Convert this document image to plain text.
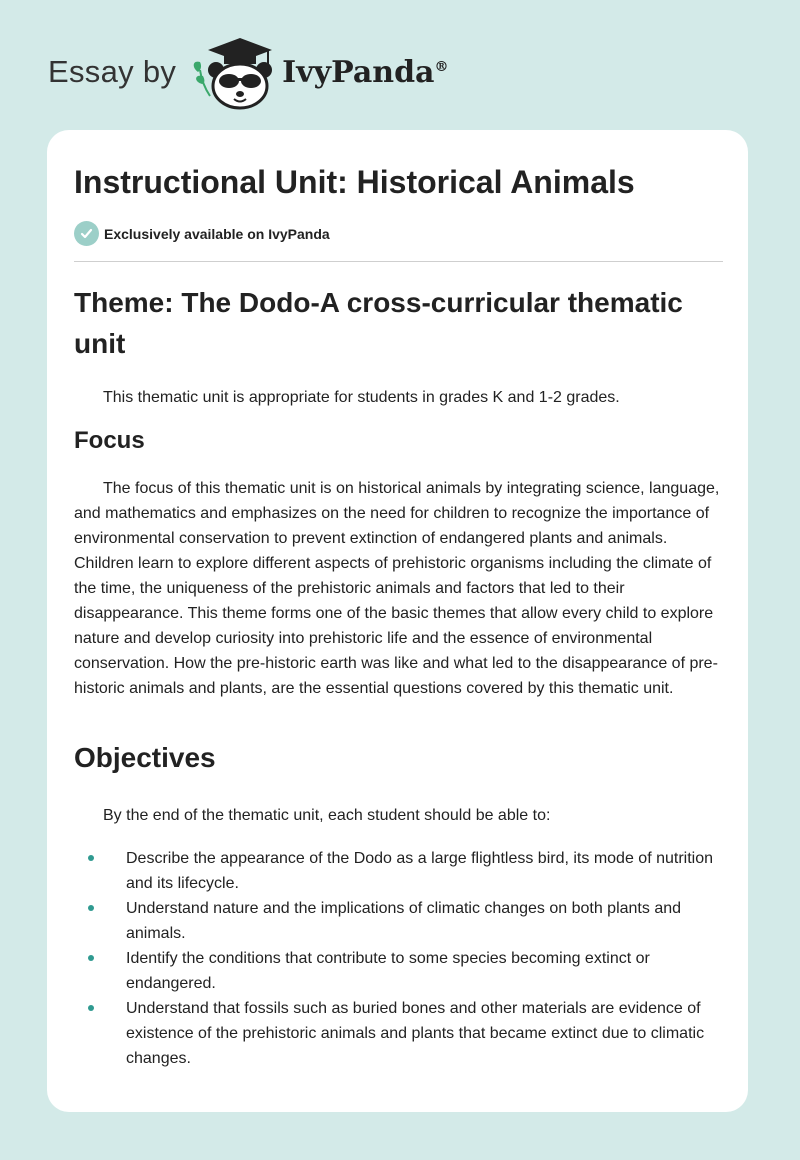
Essay by	IvyPanda®
Instructional Unit: Historical Animals
Exclusively available on IvyPanda
Theme: The Dodo-A cross-curricular thematic unit

This thematic unit is appropriate for students in grades K and 1-2 grades.

Focus

The focus of this thematic unit is on historical animals by integrating science, language, and mathematics and emphasizes on the need for children to recognize the importance of environmental conservation to prevent extinction of endangered plants and animals. Children learn to explore different aspects of prehistoric organisms including the climate of the time, the uniqueness of the prehistoric animals and factors that led to their disappearance. This theme forms one of the basic themes that allow every child to explore nature and develop curiosity into prehistoric life and the essence of environmental conservation. How the pre-historic earth was like and what led to the disappearance of pre-historic animals and plants, are the essential questions covered by this thematic unit.

Objectives

By the end of the thematic unit, each student should be able to:

Describe the appearance of the Dodo as a large flightless bird, its mode of nutrition and its lifecycle.
Understand nature and the implications of climatic changes on both plants and animals.
Identify the conditions that contribute to some species becoming extinct or endangered.
Understand that fossils such as buried bones and other materials are evidence of existence of the prehistoric animals and plants that became extinct due to climatic changes.
